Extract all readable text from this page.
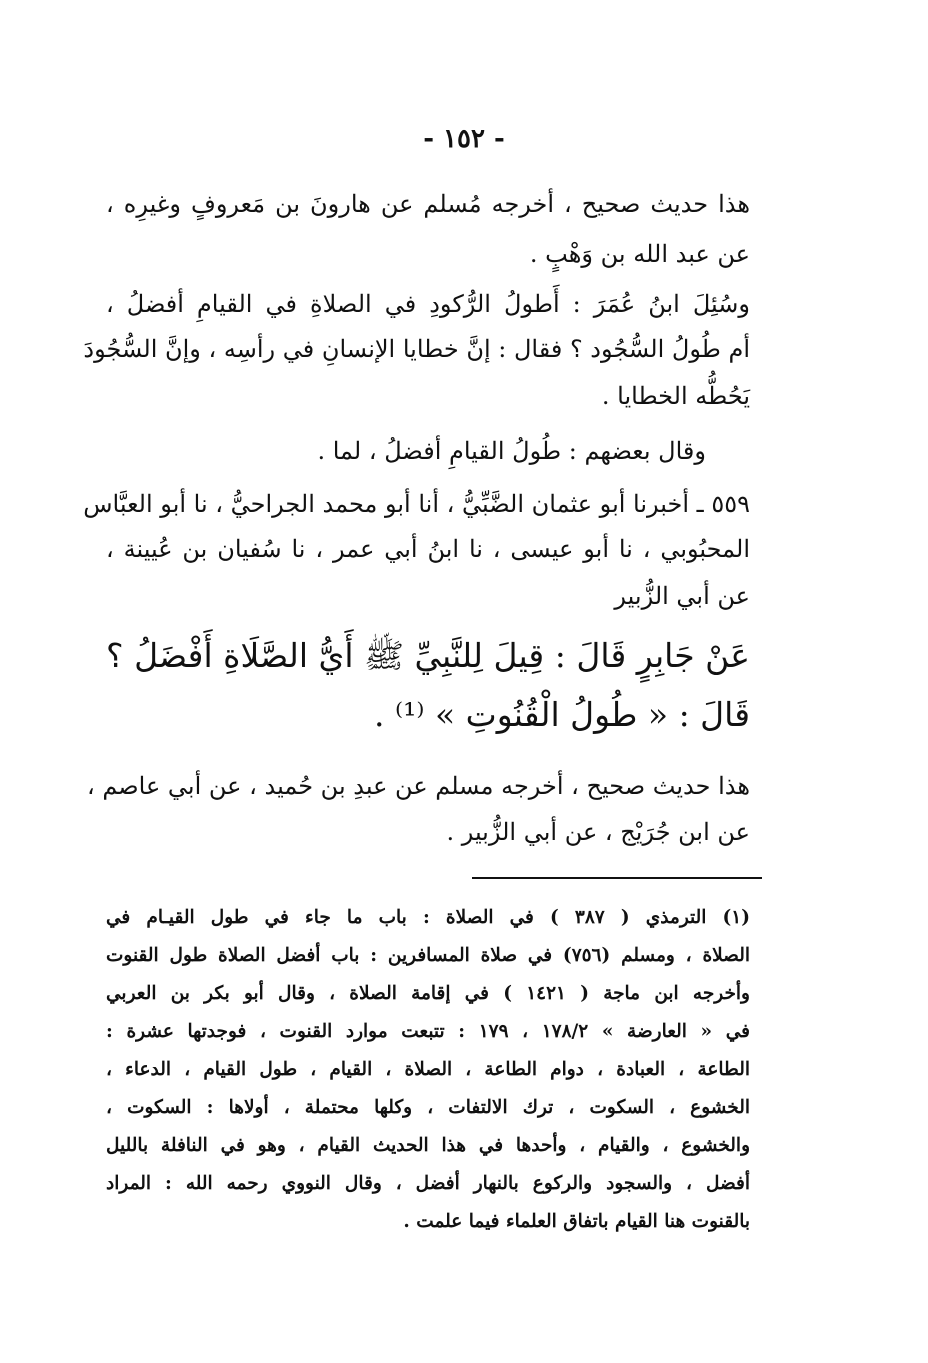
- ١٥٢ -
هذا حديث صحيح ، أخرجه مُسلم عن هارونَ بن مَعروفٍ وغيرِه ،
عن عبد الله بن وَهْبٍ .
وسُئِلَ ابنُ عُمَرَ : أَطولُ الرُّكودِ في الصلاةِ في القيامِ أفضلُ ،
أم طُولُ السُّجُود ؟ فقال : إنَّ خطايا الإنسانِ في رأسِه ، وإنَّ السُّجُودَ
يَحُطُّه الخطايا .
وقال بعضهم : طُولُ القيامِ أفضلُ ، لما .
٥٥٩ ـ أخبرنا أبو عثمان الضَّبِّيُّ ، أنا أبو محمد الجراحيُّ ، نا أبو العبَّاس
المحبُوبي ، نا أبو عيسى ، نا ابنُ أبي عمر ، نا سُفيان بن عُيينة ،
عن أبي الزُّبير
عَنْ جَابِرٍ قَالَ : قِيلَ لِلنَّبِيِّ ﷺ أَيُّ الصَّلَاةِ أَفْضَلُ ؟
قَالَ : « طُولُ الْقُنُوتِ » ⁽¹⁾ .
هذا حديث صحيح ، أخرجه مسلم عن عبدِ بن حُميد ، عن أبي عاصم ،
عن ابن جُرَيْج ، عن أبي الزُّبير .
(١) الترمذي ( ٣٨٧ ) في الصلاة : باب ما جاء في طول القيـام في
الصلاة ، ومسلم (٧٥٦) في صلاة المسافرين : باب أفضل الصلاة طول القنوت
وأخرجه ابن ماجة ( ١٤٢١ ) في إقامة الصلاة ، وقال أبو بكر بن العربي
في « العارضة » ١٧٨/٢ ، ١٧٩ : تتبعت موارد القنوت ، فوجدتها عشرة :
الطاعة ، العبادة ، دوام الطاعة ، الصلاة ، القيام ، طول القيام ، الدعاء ،
الخشوع ، السكوت ، ترك الالتفات ، وكلها محتملة ، أولاها : السكوت ،
والخشوع ، والقيام ، وأحدها في هذا الحديث القيام ، وهو في النافلة بالليل
أفضل ، والسجود والركوع بالنهار أفضل ، وقال النووي رحمه الله : المراد
بالقنوت هنا القيام باتفاق العلماء فيما علمت .
